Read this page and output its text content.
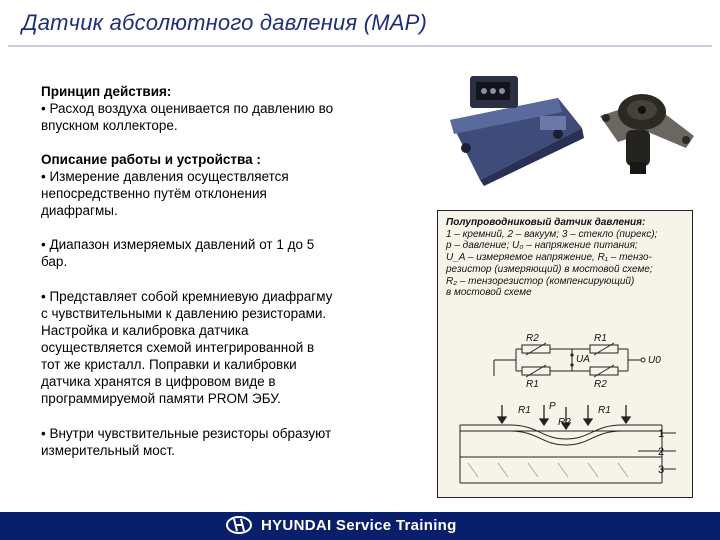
Датчик абсолютного давления (MAP)

Принцип действия:

• Расход воздуха оценивается по давлению во

впускном коллекторе.

Описание работы и устройства :

• Измерение давления осуществляется

непосредственно путём отклонения

диафрагмы.

• Диапазон измеряемых давлений от 1 до 5

бар.

• Представляет собой кремниевую диафрагму

с чувствительными к давлению резисторами.

Настройка и калибровка датчика

осуществляется схемой интегрированной в

тот же кристалл. Поправки и калибровки

датчика хранятся в цифровом виде в

программируемой памяти PROM ЭБУ.

• Внутри чувствительные резисторы образуют

измерительный мост.

Полупроводниковый датчик давления:
1 – кремний, 2 – вакуум; 3 – стекло (пирекс);
p – давление; U₀ – напряжение питания;
U_A – измеряемое напряжение, R₁ – тензо-
резистор (измеряющий) в мостовой схеме;
R₂ – тензорезистор (компенсирующий)
в мостовой схеме
R2	R1
UA	U0
R1	R2
R1 P
R2
R1
1
2
3
HYUNDAI Service Training
